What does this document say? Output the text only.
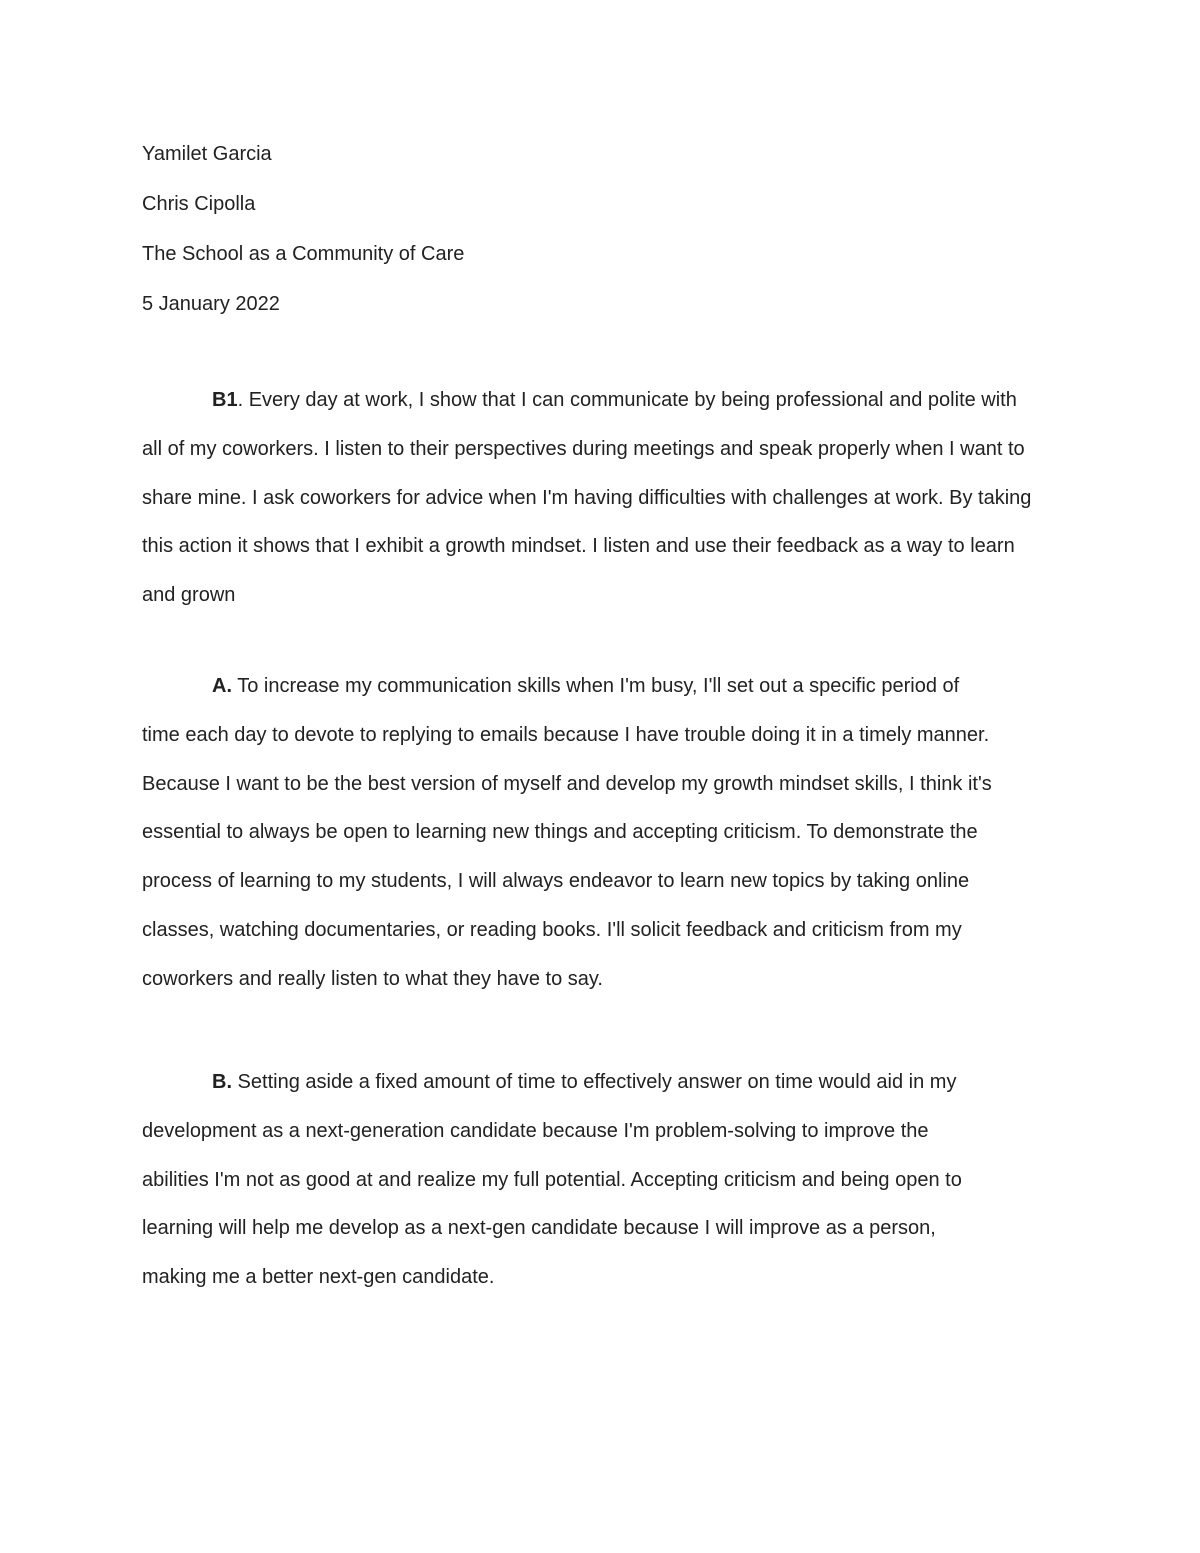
Yamilet Garcia

Chris Cipolla

The School as a Community of Care

5 January 2022

B1. Every day at work, I show that I can communicate by being professional and polite with
all of my coworkers. I listen to their perspectives during meetings and speak properly when I want to
share mine. I ask coworkers for advice when I'm having difficulties with challenges at work. By taking
this action it shows that I exhibit a growth mindset. I listen and use their feedback as a way to learn
and grown
A. To increase my communication skills when I'm busy, I'll set out a specific period of
time each day to devote to replying to emails because I have trouble doing it in a timely manner.
Because I want to be the best version of myself and develop my growth mindset skills, I think it's
essential to always be open to learning new things and accepting criticism. To demonstrate the
process of learning to my students, I will always endeavor to learn new topics by taking online
classes, watching documentaries, or reading books. I'll solicit feedback and criticism from my
coworkers and really listen to what they have to say.
B. Setting aside a fixed amount of time to effectively answer on time would aid in my
development as a next-generation candidate because I'm problem-solving to improve the
abilities I'm not as good at and realize my full potential. Accepting criticism and being open to
learning will help me develop as a next-gen candidate because I will improve as a person,
making me a better next-gen candidate.
